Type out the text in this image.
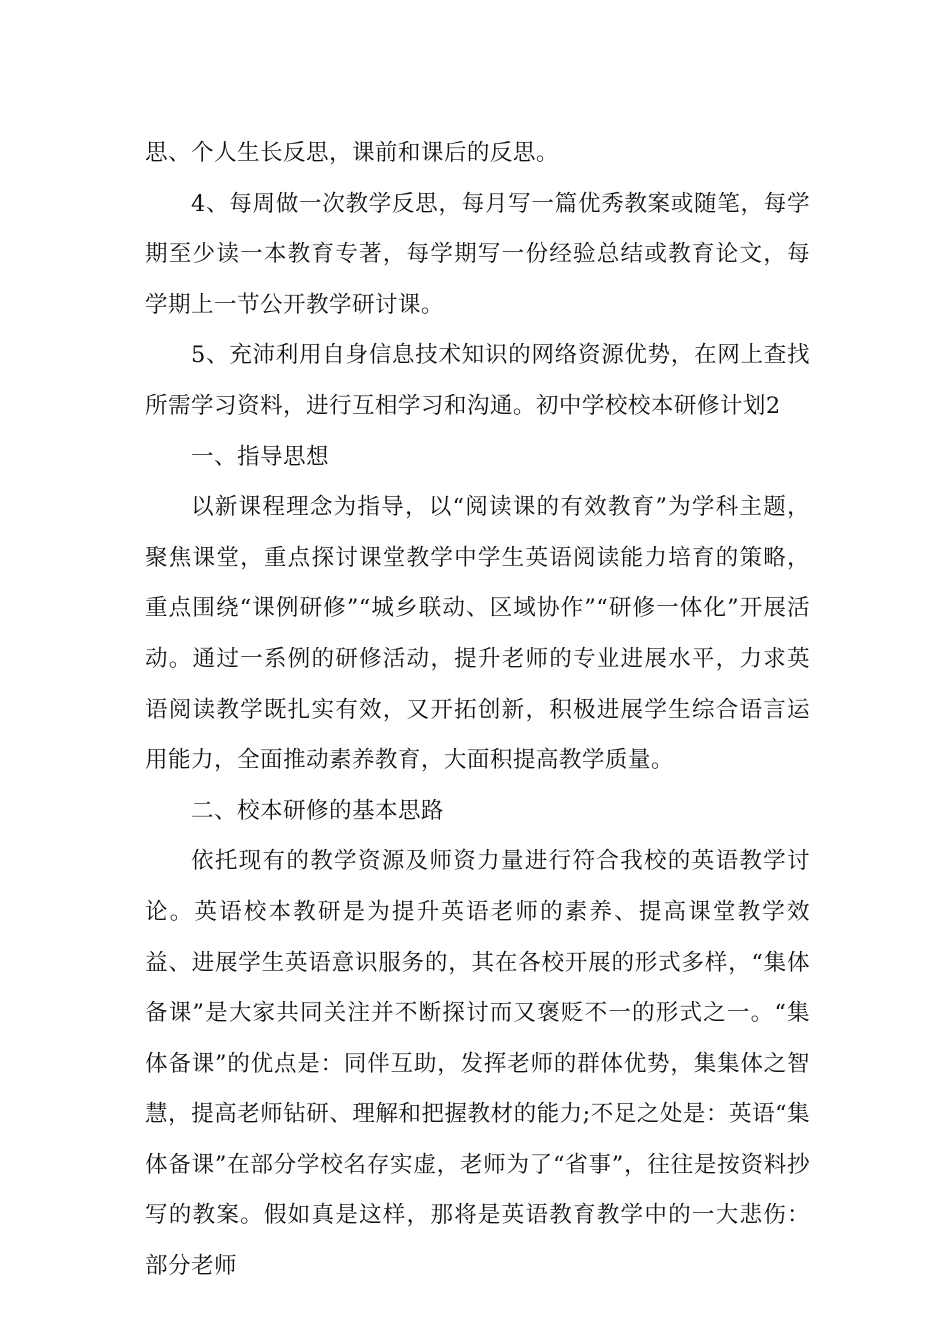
思、个人生长反思，课前和课后的反思。

4、每周做一次教学反思，每月写一篇优秀教案或随笔，每学期至少读一本教育专著，每学期写一份经验总结或教育论文，每学期上一节公开教学研讨课。

5、充沛利用自身信息技术知识的网络资源优势，在网上查找所需学习资料，进行互相学习和沟通。初中学校校本研修计划2

一、指导思想

以新课程理念为指导，以“阅读课的有效教育”为学科主题，聚焦课堂，重点探讨课堂教学中学生英语阅读能力培育的策略，重点围绕“课例研修”“城乡联动、区域协作”“研修一体化”开展活动。通过一系例的研修活动，提升老师的专业进展水平，力求英语阅读教学既扎实有效，又开拓创新，积极进展学生综合语言运用能力，全面推动素养教育，大面积提高教学质量。

二、校本研修的基本思路

依托现有的教学资源及师资力量进行符合我校的英语教学讨论。英语校本教研是为提升英语老师的素养、提高课堂教学效益、进展学生英语意识服务的，其在各校开展的形式多样，“集体备课”是大家共同关注并不断探讨而又褒贬不一的形式之一。“集体备课”的优点是：同伴互助，发挥老师的群体优势，集集体之智慧，提高老师钻研、理解和把握教材的能力;不足之处是：英语“集体备课”在部分学校名存实虚，老师为了“省事”，往往是按资料抄写的教案。假如真是这样，那将是英语教育教学中的一大悲伤：部分老师
